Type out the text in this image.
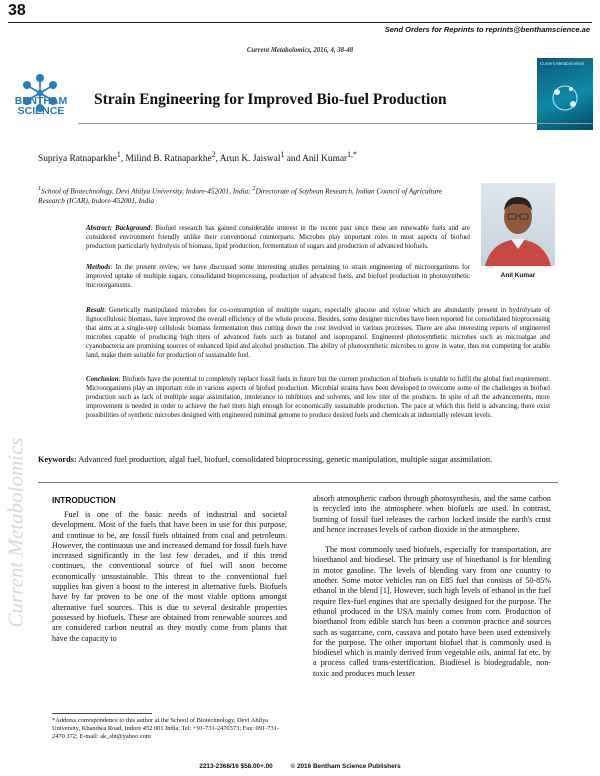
38
Send Orders for Reprints to reprints@benthamscience.ae
Current Metabolomics, 2016, 4, 38-48
BENTHAM
SCIENCE
Current Metabolomics
Current Metabolomics
Strain Engineering for Improved Bio-fuel Production
Supriya Ratnaparkhe$^1$, Milind B. Ratnaparkhe$^2$, Arun K. Jaiswal$^1$ and Anil Kumar$^{1,*}$
$^1$School of Biotechnology, Devi Ahilya University, Indore-452001, India; $^2$Directorate of Soybean Research, Indian Council of Agriculture Research (ICAR), Indore-452001, India
Anil Kumar
Abstract: Background: Biofuel research has gained considerable interest in the recent past since these are renewable fuels and are considered environment friendly unlike their conventional counterparts. Microbes play important roles in most aspects of biofuel production particularly hydrolysis of biomass, lipid production, fermentation of sugars and production of advanced biofuels.
Methods: In the present review, we have discussed some interesting studies pertaining to strain engineering of microorganisms for improved uptake of multiple sugars, consolidated bioprocessing, production of advanced fuels, and biofuel production in photosynthetic microorganisms.
Result: Genetically manipulated microbes for co-consumption of multiple sugars, especially glucose and xylose which are abundantly present in hydrolysate of lignocellulosic biomass, have improved the overall efficiency of the whole process. Besides, some designer microbes have been reported for consolidated bioprocessing that aims at a single-step cellulosic biomass fermentation thus cutting down the cost involved in various processes. There are also interesting reports of engineered microbes capable of producing high titers of advanced fuels such as butanol and isopropanol. Engineered photosynthetic microbes such as microalgae and cyanobacteria are promising sources of enhanced lipid and alcohol production. The ability of photosynthetic microbes to grow in water, thus not competing for arable land, make them suitable for production of sustainable fuel.
Conclusion: Biofuels have the potential to completely replace fossil fuels in future but the current production of biofuels is unable to fulfil the global fuel requirement. Microorganisms play an important role in various aspects of biofuel production. Microbial strains have been developed to overcome some of the challenges in biofuel production such as lack of multiple sugar assimilation, intolerance to inhibitors and solvents, and low titer of the products. In spite of all the advancements, more improvement is needed in order to achieve the fuel titers high enough for economically sustainable production. The pace at which this field is advancing, there exist possibilities of synthetic microbes designed with engineered minimal genome to produce desired fuels and chemicals at industrially relevant levels.
Keywords: Advanced fuel production, algal fuel, biofuel, consolidated bioprocessing, genetic manipulation, multiple sugar assimilation.
INTRODUCTION

Fuel is one of the basic needs of industrial and societal development. Most of the fuels that have been in use for this purpose, and continue to be, are fossil fuels obtained from coal and petroleum. However, the continuous use and increased demand for fossil fuels have increased significantly in the last few decades, and if this trend continues, the conventional source of fuel will soon become economically unsustainable. This threat to the conventional fuel supplies has given a boost to the interest in alternative fuels. Biofuels have by far proven to be one of the most viable options amongst alternative fuel sources. This is due to several desirable properties possessed by biofuels. These are obtained from renewable sources and are considered carbon neutral as they mostly come from plants that have the capacity to

absorb atmospheric carbon through photosynthesis, and the same carbon is recycled into the atmosphere when biofuels are used. In contrast, burning of fossil fuel releases the carbon locked inside the earth's crust and hence increases levels of carbon dioxide in the atmosphere.

The most commonly used biofuels, especially for transportation, are bioethanol and biodiesel. The primary use of bioethanol is for blending in motor gasoline. The levels of blending vary from one country to another. Some motor vehicles run on E85 fuel that consists of 50-85% ethanol in the blend [1]. However, such high levels of ethanol in the fuel require flex-fuel engines that are specially designed for the purpose. The ethanol produced in the USA mainly comes from corn. Production of bioethanol from edible starch has been a common practice and sources such as sugarcane, corn, cassava and potato have been used extensively for the purpose. The other important biofuel that is commonly used is biodiesel which is mainly derived from vegetable oils, animal fat etc. by a process called trans-esterification. Biodiesel is biodegradable, non-toxic and produces much lesser

*Address correspondence to this author at the School of Biotechnology, Devi Ahilya University, Khandwa Road, Indore 452 001 India; Tel: +91-731-2470373; Fax: 091-731-2470 372; E-mail: ak_sbt@yahoo.com
2213-2368/16 $58.00+.00          © 2016 Bentham Science Publishers
